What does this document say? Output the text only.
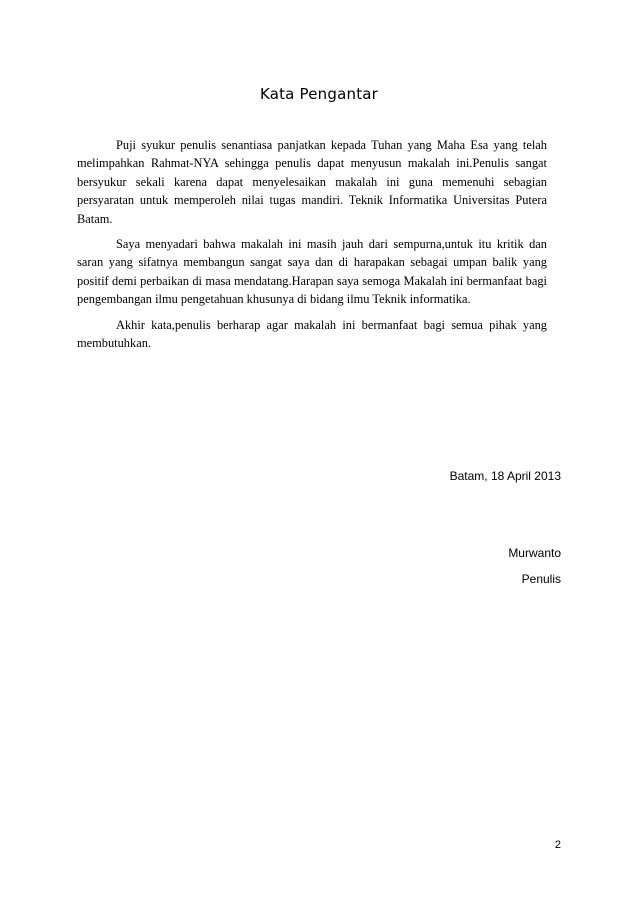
Kata Pengantar

Puji syukur penulis senantiasa panjatkan kepada Tuhan yang Maha Esa yang telah melimpahkan Rahmat-NYA sehingga penulis dapat menyusun makalah ini.Penulis sangat bersyukur sekali karena dapat menyelesaikan makalah ini guna memenuhi sebagian persyaratan untuk memperoleh nilai tugas mandiri. Teknik Informatika Universitas Putera Batam.

Saya menyadari bahwa makalah ini masih jauh dari sempurna,untuk itu kritik dan saran yang sifatnya membangun sangat saya dan di harapakan sebagai umpan balik yang positif demi perbaikan di masa mendatang.Harapan saya semoga Makalah ini bermanfaat bagi pengembangan ilmu pengetahuan khusunya di bidang ilmu Teknik informatika.

Akhir kata,penulis berharap agar makalah ini bermanfaat bagi semua pihak yang membutuhkan.

Batam, 18 April 2013
Murwanto
Penulis
2
